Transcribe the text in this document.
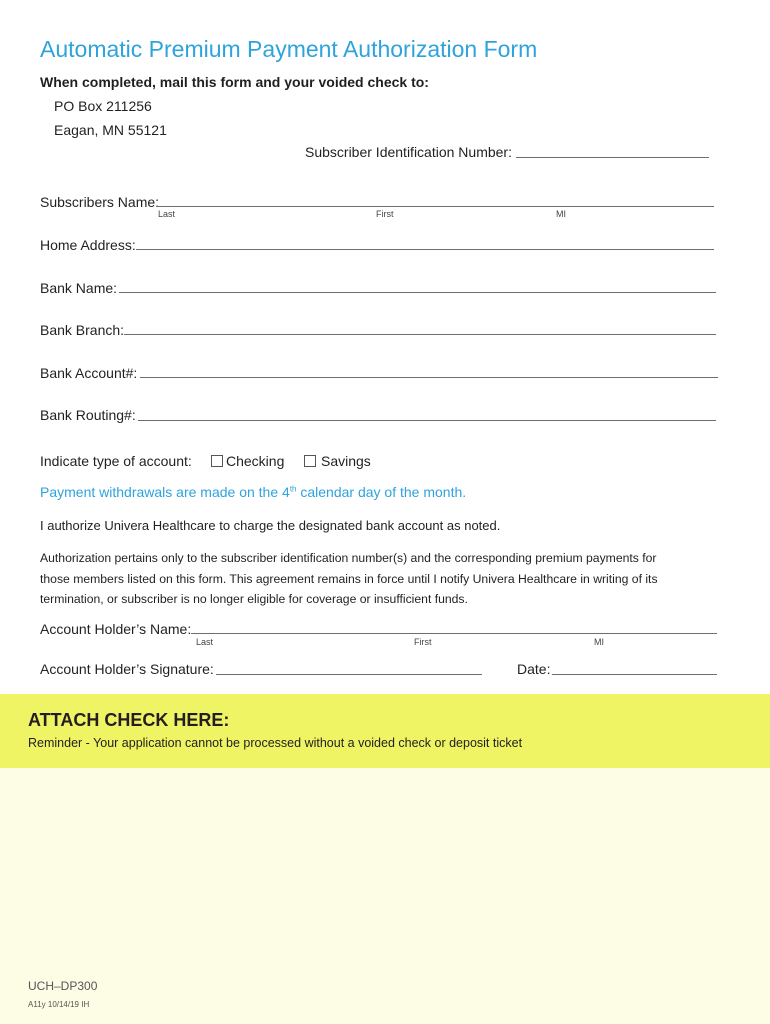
Automatic Premium Payment Authorization Form
When completed, mail this form and your voided check to:
PO Box 211256
Eagan, MN 55121
Subscriber Identification Number:
Subscribers Name:
Last	First	MI
Home Address:
Bank Name:
Bank Branch:
Bank Account#:
Bank Routing#:
Indicate type of account: Checking	Savings
Payment withdrawals are made on the 4th calendar day of the month.
I authorize Univera Healthcare to charge the designated bank account as noted.
Authorization pertains only to the subscriber identification number(s) and the corresponding premium payments for those members listed on this form. This agreement remains in force until I notify Univera Healthcare in writing of its termination, or subscriber is no longer eligible for coverage or insufficient funds.
Account Holder’s Name:
Last	First	MI
Account Holder’s Signature:	Date:
ATTACH CHECK HERE:
Reminder - Your application cannot be processed without a voided check or deposit ticket
UCH–DP300
A11y 10/14/19 IH
